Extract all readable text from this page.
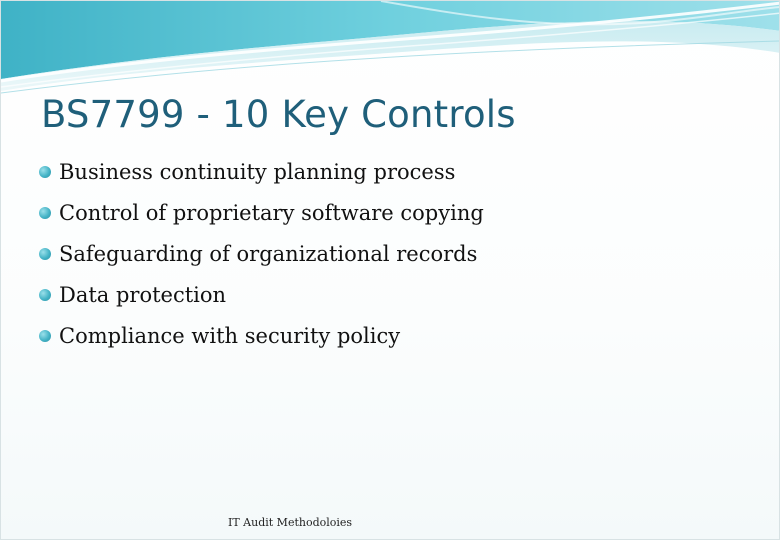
BS7799 - 10 Key Controls
Business continuity planning process
Control of proprietary software copying
Safeguarding of organizational records
Data protection
Compliance with security policy
IT Audit Methodoloies
